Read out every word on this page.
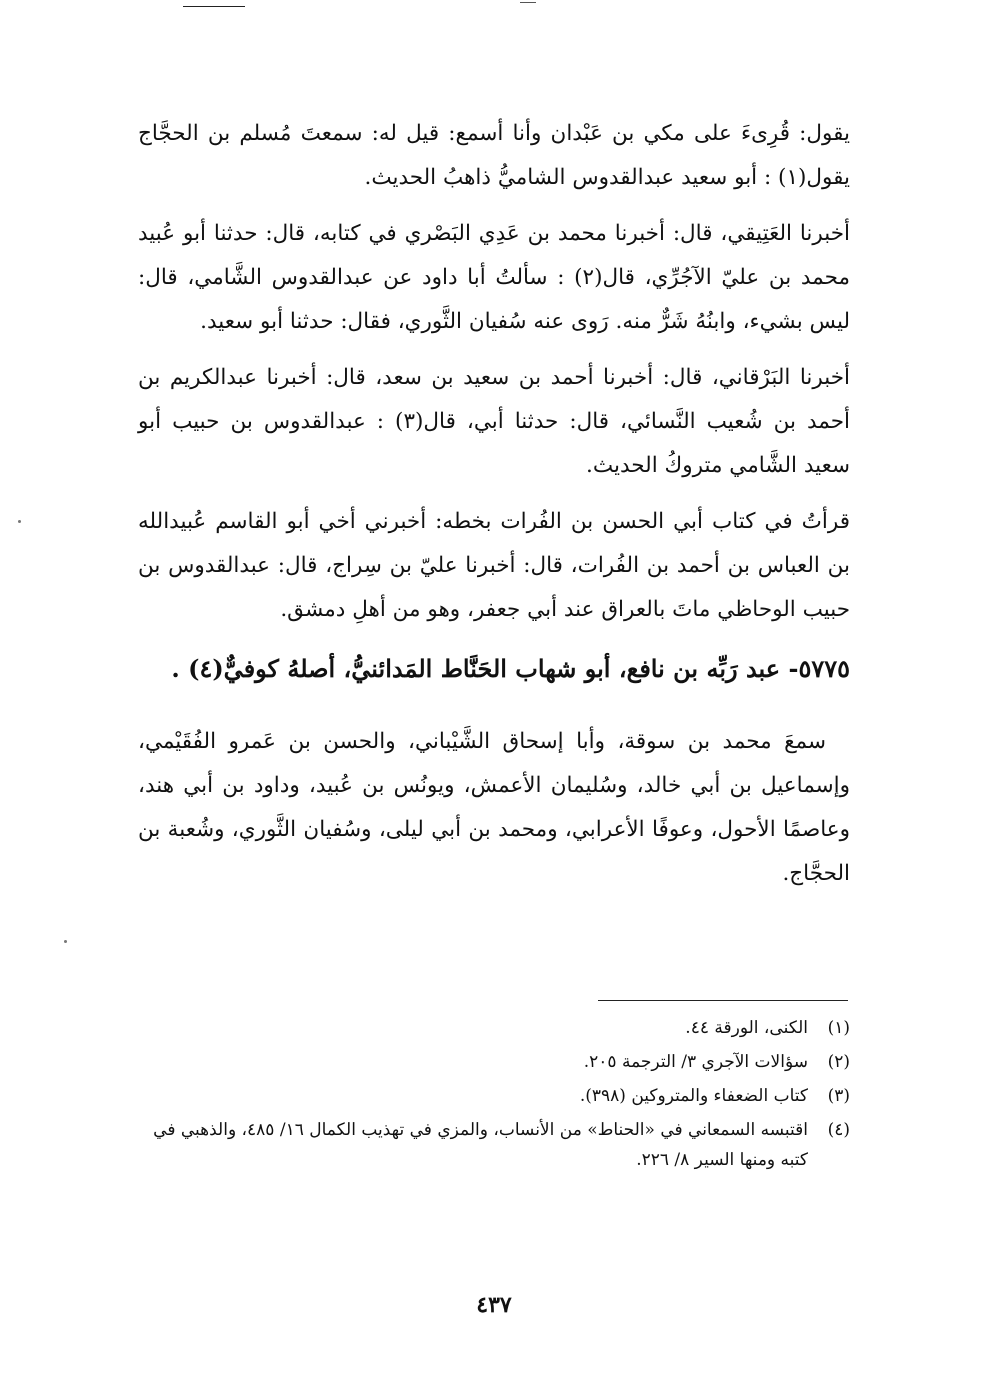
يقول: قُرِىءَ على مكي بن عَبْدان وأنا أسمع: قيل له: سمعتَ مُسلم بن الحجَّاج يقول(١) : أبو سعيد عبدالقدوس الشاميُّ ذاهبُ الحديث.

أخبرنا العَتِيقي، قال: أخبرنا محمد بن عَدِي البَصْري في كتابه، قال: حدثنا أبو عُبيد محمد بن عليّ الآجُرِّي، قال(٢) : سألتُ أبا داود عن عبدالقدوس الشَّامي، قال: ليس بشيء، وابنُهُ شَرٌّ منه. رَوى عنه سُفيان الثَّوري، فقال: حدثنا أبو سعيد.

أخبرنا البَرْقاني، قال: أخبرنا أحمد بن سعيد بن سعد، قال: أخبرنا عبدالكريم بن أحمد بن شُعيب النَّسائي، قال: حدثنا أبي، قال(٣) : عبدالقدوس بن حبيب أبو سعيد الشَّامي متروكُ الحديث.

قرأتُ في كتاب أبي الحسن بن الفُرات بخطه: أخبرني أخي أبو القاسم عُبيدالله بن العباس بن أحمد بن الفُرات، قال: أخبرنا عليّ بن سِراج، قال: عبدالقدوس بن حبيب الوحاظي ماتَ بالعراق عند أبي جعفر، وهو من أهلِ دمشق.

٥٧٧٥- عبد رَبِّه بن نافع، أبو شهاب الحَنَّاط المَدائنيُّ، أصلهُ كوفيٌّ(٤) .

سمعَ محمد بن سوقة، وأبا إسحاق الشَّيْباني، والحسن بن عَمرو الفُقَيْمي، وإسماعيل بن أبي خالد، وسُليمان الأعمش، ويونُس بن عُبيد، وداود بن أبي هند، وعاصمًا الأحول، وعوفًا الأعرابي، ومحمد بن أبي ليلى، وسُفيان الثَّوري، وشُعبة بن الحجَّاج.

(١)
الكنى، الورقة ٤٤.
(٢)
سؤالات الآجري ٣/ الترجمة ٢٠٥.
(٣)
كتاب الضعفاء والمتروكين (٣٩٨).
(٤)
اقتبسه السمعاني في «الحناط» من الأنساب، والمزي في تهذيب الكمال ١٦/ ٤٨٥، والذهبي في كتبه ومنها السير ٨/ ٢٢٦.
٤٣٧
